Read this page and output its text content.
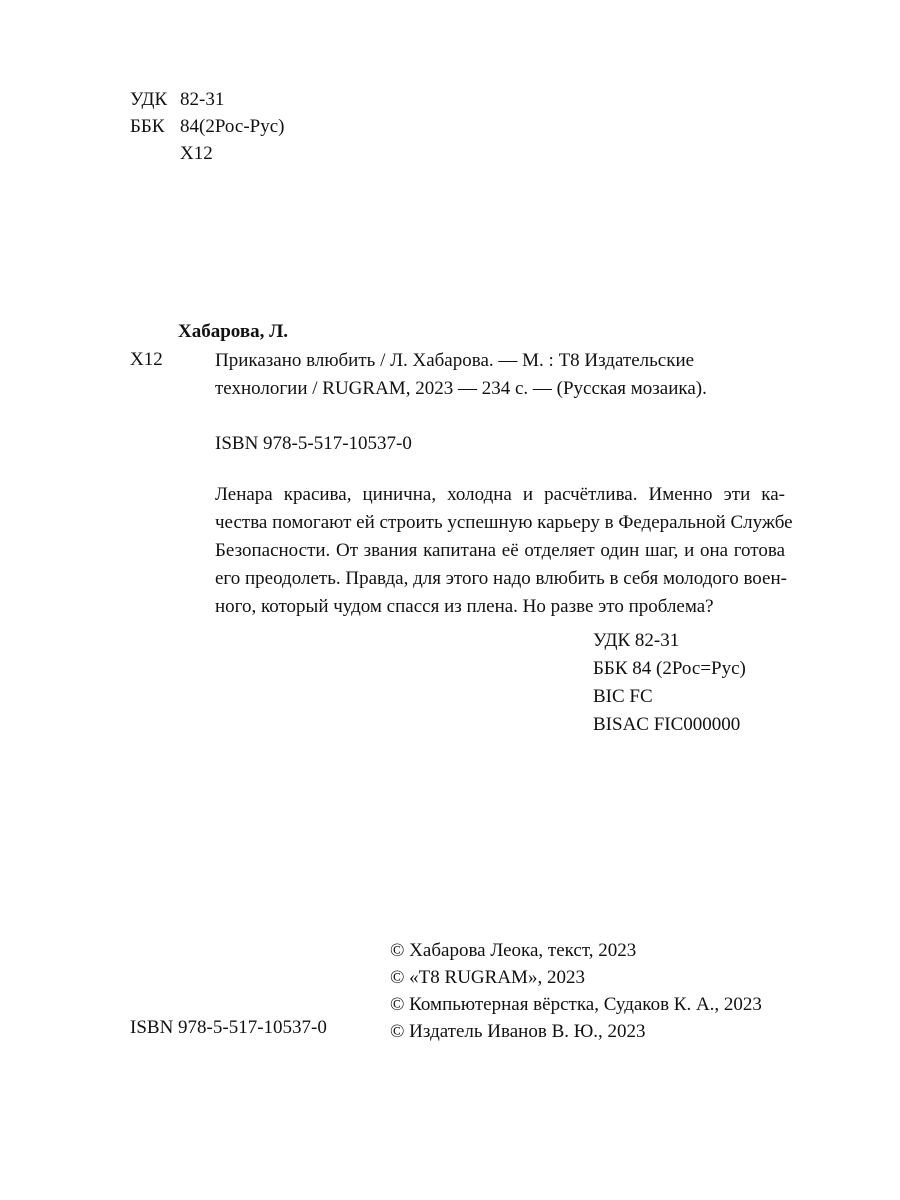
УДК 82-31
ББК 84(2Рос-Рус)
Х12
Хабарова, Л.
Х12	Приказано влюбить / Л. Хабарова. — М. : Т8 Издательские

технологии / RUGRAM, 2023 — 234 с. — (Русская мозаика).

ISBN 978-5-517-10537-0
Ленара красива, цинична, холодна и расчётлива. Именно эти ка-
чества помогают ей строить успешную карьеру в Федеральной Службе
Безопасности. От звания капитана её отделяет один шаг, и она готова
его преодолеть. Правда, для этого надо влюбить в себя молодого воен-
ного, который чудом спасся из плена. Но разве это проблема?
УДК 82-31
ББК 84 (2Рос=Рус)
BIC FC
BISAC FIC000000
© Хабарова Леока, текст, 2023
© «Т8 RUGRAM», 2023
© Компьютерная вёрстка, Судаков К. А., 2023
© Издатель Иванов В. Ю., 2023
ISBN 978-5-517-10537-0
